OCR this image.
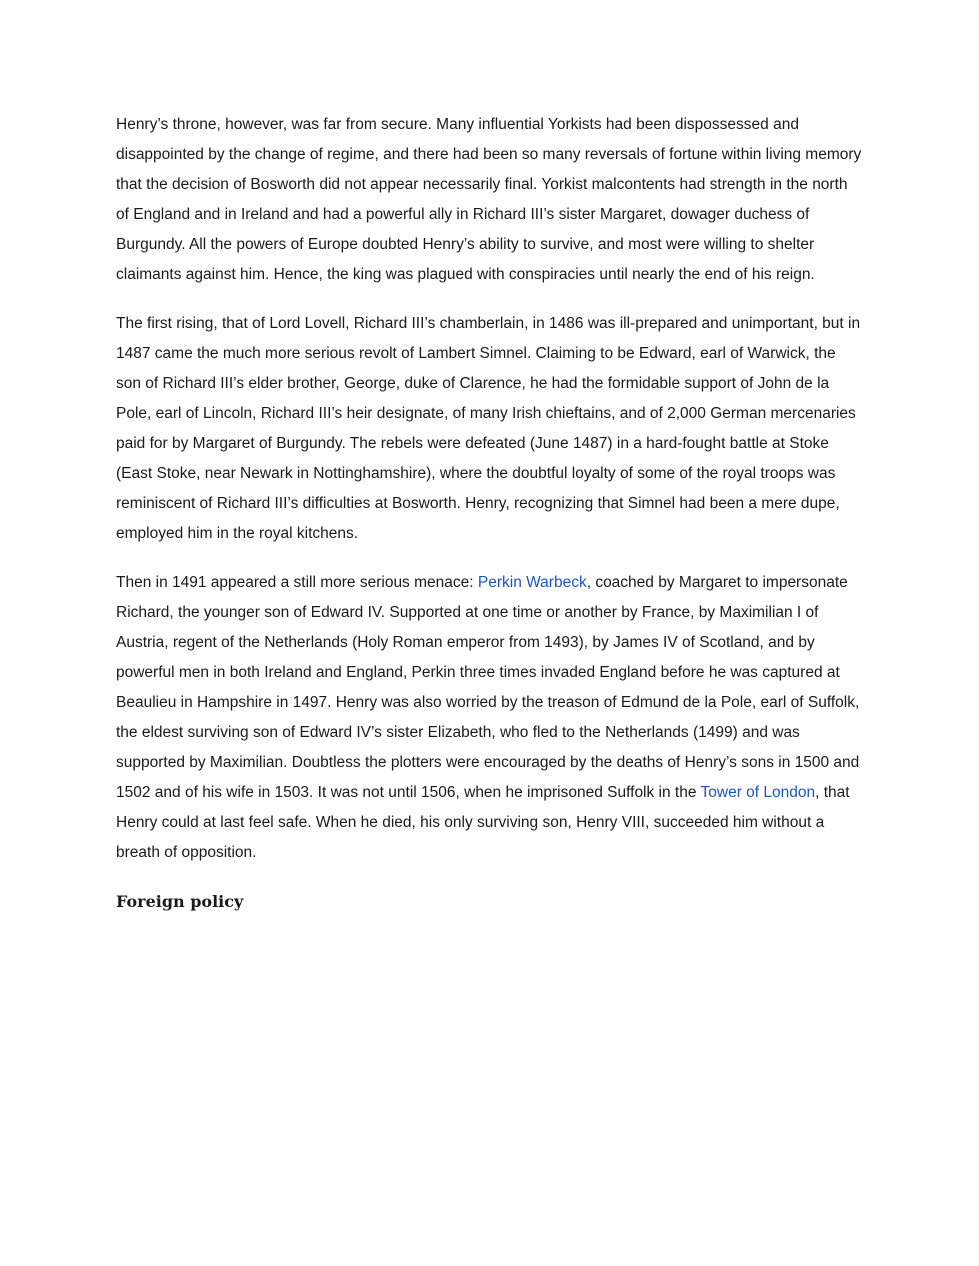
Henry’s throne, however, was far from secure. Many influential Yorkists had been dispossessed and disappointed by the change of regime, and there had been so many reversals of fortune within living memory that the decision of Bosworth did not appear necessarily final. Yorkist malcontents had strength in the north of England and in Ireland and had a powerful ally in Richard III’s sister Margaret, dowager duchess of Burgundy. All the powers of Europe doubted Henry’s ability to survive, and most were willing to shelter claimants against him. Hence, the king was plagued with conspiracies until nearly the end of his reign.

The first rising, that of Lord Lovell, Richard III’s chamberlain, in 1486 was ill-prepared and unimportant, but in 1487 came the much more serious revolt of Lambert Simnel. Claiming to be Edward, earl of Warwick, the son of Richard III’s elder brother, George, duke of Clarence, he had the formidable support of John de la Pole, earl of Lincoln, Richard III’s heir designate, of many Irish chieftains, and of 2,000 German mercenaries paid for by Margaret of Burgundy. The rebels were defeated (June 1487) in a hard-fought battle at Stoke (East Stoke, near Newark in Nottinghamshire), where the doubtful loyalty of some of the royal troops was reminiscent of Richard III’s difficulties at Bosworth. Henry, recognizing that Simnel had been a mere dupe, employed him in the royal kitchens.

Then in 1491 appeared a still more serious menace: Perkin Warbeck, coached by Margaret to impersonate Richard, the younger son of Edward IV. Supported at one time or another by France, by Maximilian I of Austria, regent of the Netherlands (Holy Roman emperor from 1493), by James IV of Scotland, and by powerful men in both Ireland and England, Perkin three times invaded England before he was captured at Beaulieu in Hampshire in 1497. Henry was also worried by the treason of Edmund de la Pole, earl of Suffolk, the eldest surviving son of Edward IV’s sister Elizabeth, who fled to the Netherlands (1499) and was supported by Maximilian. Doubtless the plotters were encouraged by the deaths of Henry’s sons in 1500 and 1502 and of his wife in 1503. It was not until 1506, when he imprisoned Suffolk in the Tower of London, that Henry could at last feel safe. When he died, his only surviving son, Henry VIII, succeeded him without a breath of opposition.

Foreign policy
